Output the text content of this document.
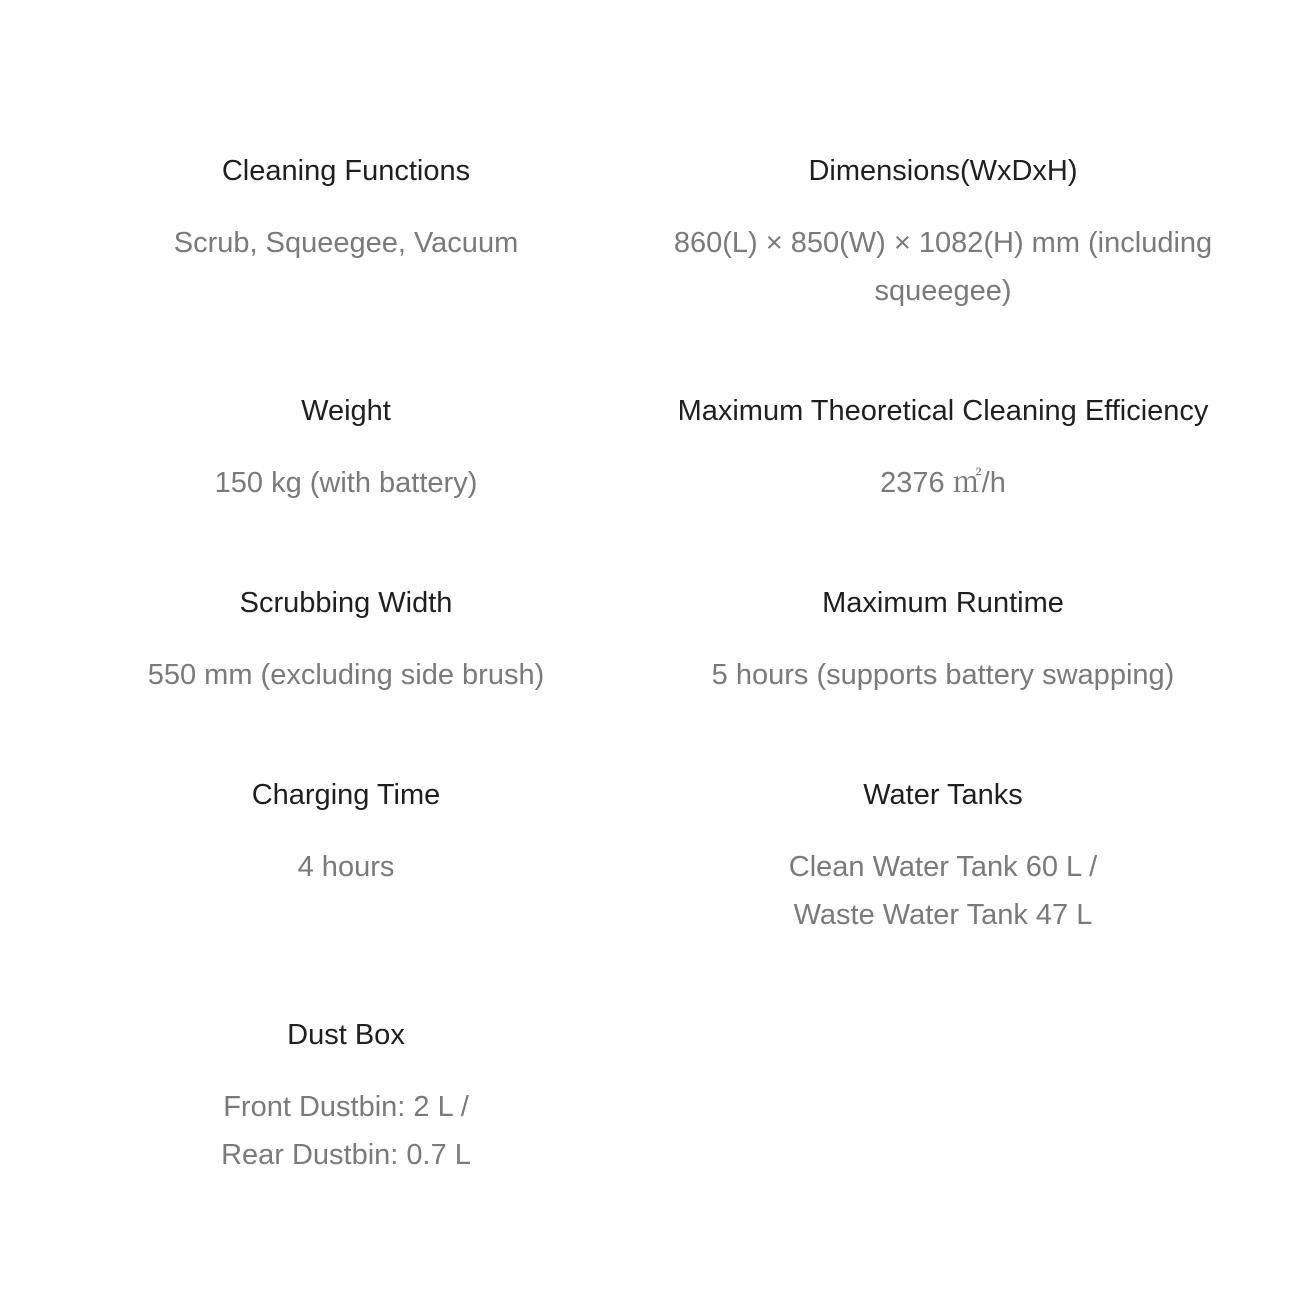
Cleaning Functions
Scrub, Squeegee, Vacuum
Dimensions(WxDxH)
860(L) × 850(W) × 1082(H) mm (including
squeegee)
Weight
150 kg (with battery)
Maximum Theoretical Cleaning Efficiency
2376 ㎡/h
Scrubbing Width
550 mm (excluding side brush)
Maximum Runtime
5 hours (supports battery swapping)
Charging Time
4 hours
Water Tanks
Clean Water Tank 60 L /
Waste Water Tank 47 L
Dust Box
Front Dustbin: 2 L /
Rear Dustbin: 0.7 L
